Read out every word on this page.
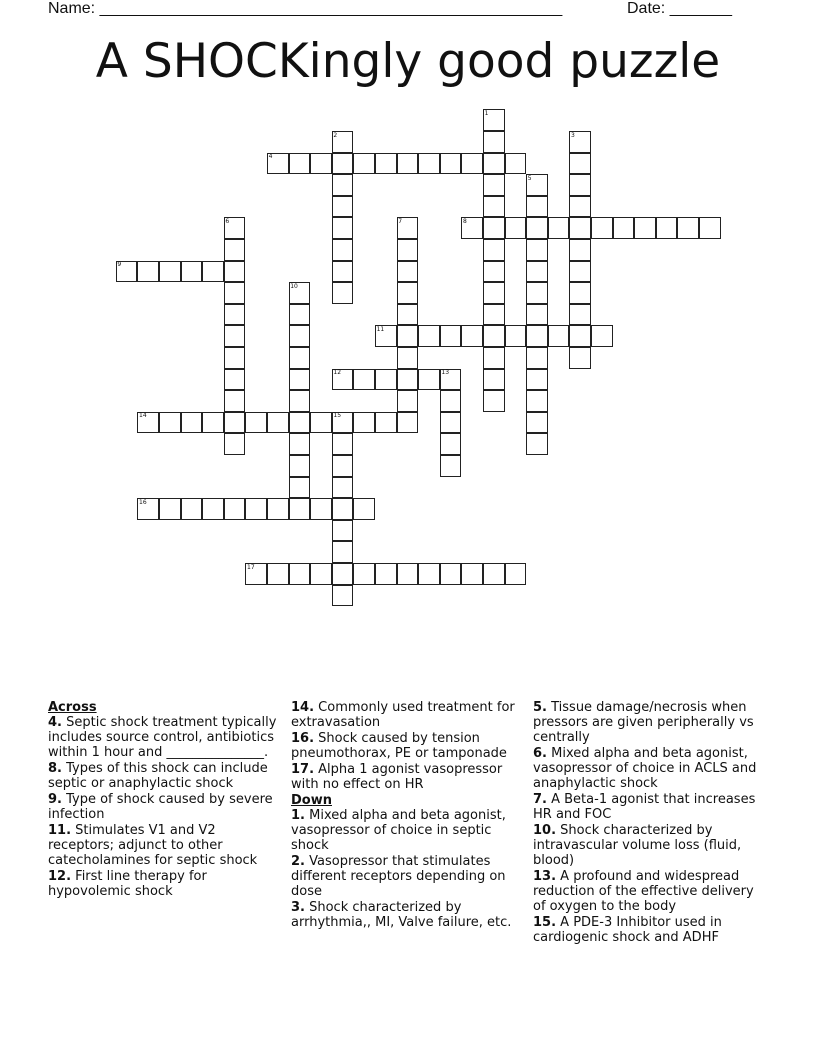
Name: ____________________________________________________	Date: _______
A SHOCKingly good puzzle
1
2	3
4
5
6	7	8
9
10
11
12	13
14	15
16
17
Across
4. Septic shock treatment typically includes source control, antibiotics within 1 hour and _______________.
8. Types of this shock can include septic or anaphylactic shock
9. Type of shock caused by severe infection
11. Stimulates V1 and V2 receptors; adjunct to other catecholamines for septic shock
12. First line therapy for hypovolemic shock
14. Commonly used treatment for extravasation
16. Shock caused by tension pneumothorax, PE or tamponade
17. Alpha 1 agonist vasopressor with no effect on HR
Down
1. Mixed alpha and beta agonist, vasopressor of choice in septic shock
2. Vasopressor that stimulates different receptors depending on dose
3. Shock characterized by arrhythmia,, MI, Valve failure, etc.
5. Tissue damage/necrosis when pressors are given peripherally vs centrally
6. Mixed alpha and beta agonist, vasopressor of choice in ACLS and anaphylactic shock
7. A Beta-1 agonist that increases HR and FOC
10. Shock characterized by intravascular volume loss (fluid, blood)
13. A profound and widespread reduction of the effective delivery of oxygen to the body
15. A PDE-3 Inhibitor used in cardiogenic shock and ADHF
